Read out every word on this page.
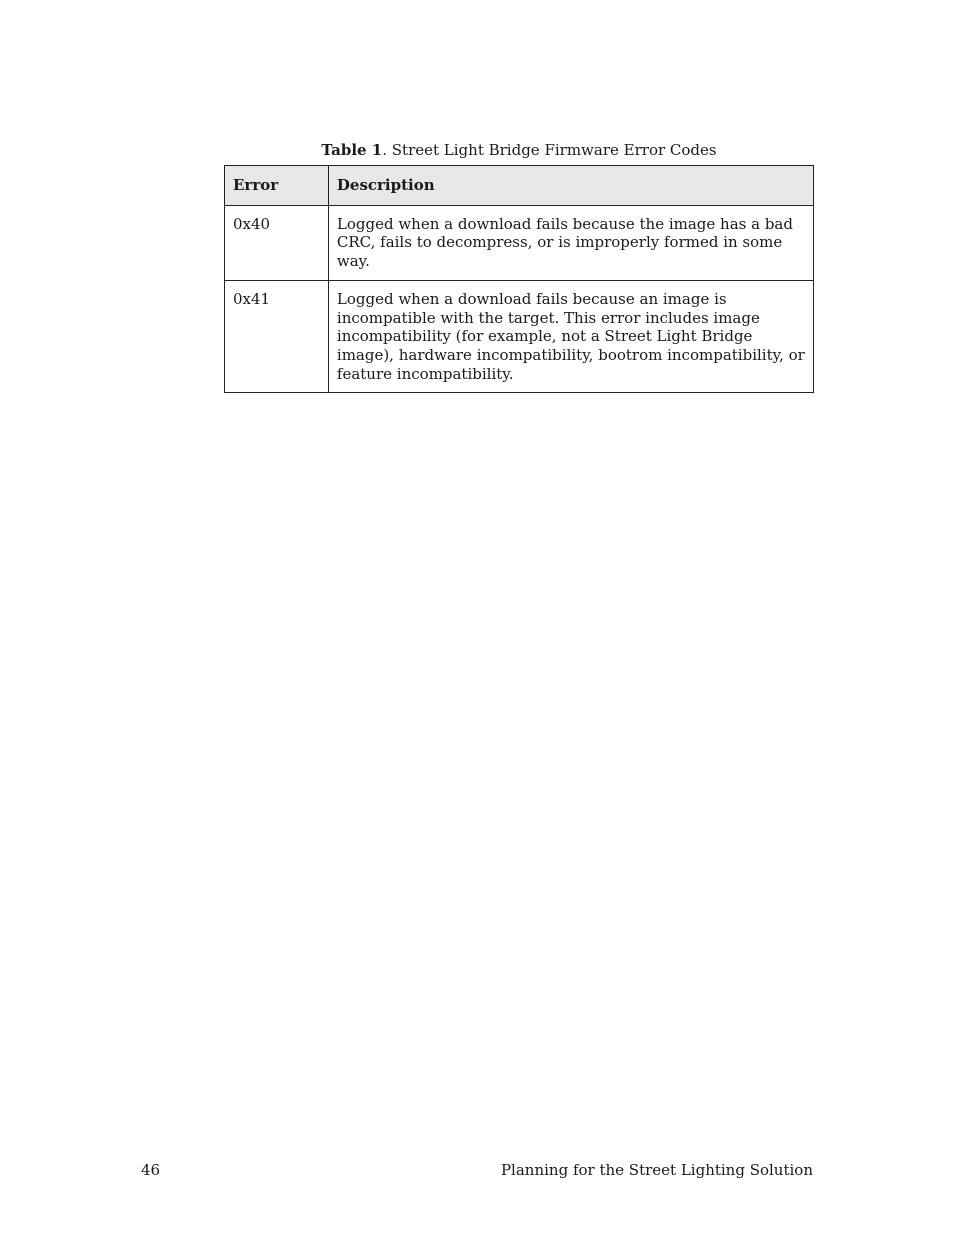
Table 1. Street Light Bridge Firmware Error Codes
Error	Description
0x40	Logged when a download fails because the image has a bad CRC, fails to decompress, or is improperly formed in some way.
0x41	Logged when a download fails because an image is incompatible with the target. This error includes image incompatibility (for example, not a Street Light Bridge image), hardware incompatibility, bootrom incompatibility, or feature incompatibility.
46	Planning for the Street Lighting Solution
